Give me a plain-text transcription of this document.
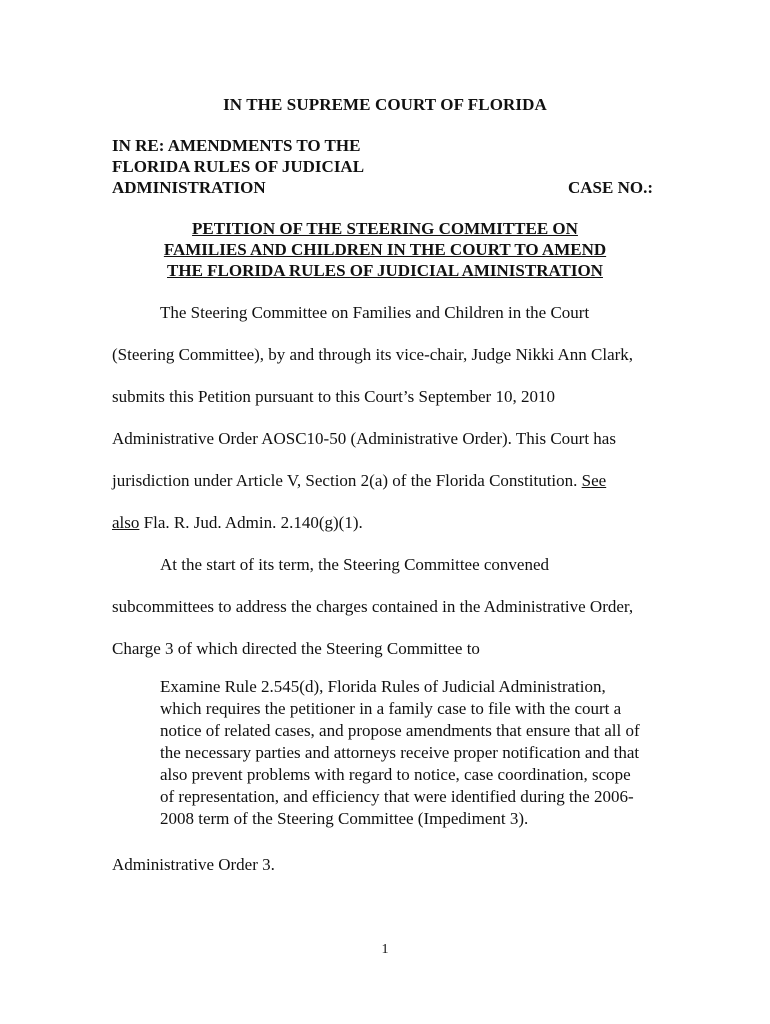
IN THE SUPREME COURT OF FLORIDA
IN RE: AMENDMENTS TO THE
FLORIDA RULES OF JUDICIAL
ADMINISTRATION	CASE NO.:
PETITION OF THE STEERING COMMITTEE ON
FAMILIES AND CHILDREN IN THE COURT TO AMEND
THE FLORIDA RULES OF JUDICIAL AMINISTRATION
The Steering Committee on Families and Children in the Court
(Steering Committee), by and through its vice-chair, Judge Nikki Ann Clark,
submits this Petition pursuant to this Court’s September 10, 2010
Administrative Order AOSC10-50 (Administrative Order). This Court has
jurisdiction under Article V, Section 2(a) of the Florida Constitution. See
also Fla. R. Jud. Admin. 2.140(g)(1).
At the start of its term, the Steering Committee convened
subcommittees to address the charges contained in the Administrative Order,
Charge 3 of which directed the Steering Committee to
Examine Rule 2.545(d), Florida Rules of Judicial Administration,
which requires the petitioner in a family case to file with the court a
notice of related cases, and propose amendments that ensure that all of
the necessary parties and attorneys receive proper notification and that
also prevent problems with regard to notice, case coordination, scope
of representation, and efficiency that were identified during the 2006-
2008 term of the Steering Committee (Impediment 3).
Administrative Order 3.
1
